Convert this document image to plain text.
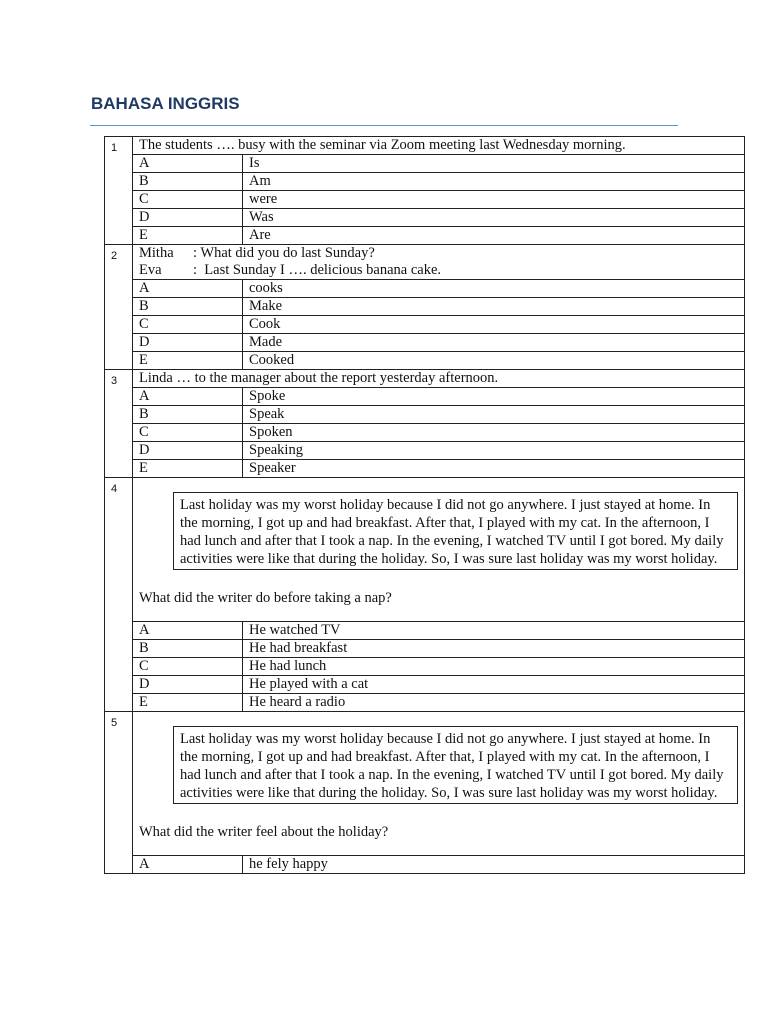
BAHASA INGGRIS
1	The students …. busy with the seminar via Zoom meeting last Wednesday morning.	
	A	Is
	B	Am
	C	were
	D	Was
	E	Are
2	Mitha : What did you do last Sunday?
Eva :  Last Sunday I …. delicious banana cake.	

	A	cooks
	B	Make
	C	Cook
	D	Made
	E	Cooked
3	Linda … to the manager about the report yesterday afternoon.	
	A	Spoke
	B	Speak
	C	Spoken
	D	Speaking
	E	Speaker
4	Last holiday was my worst holiday because I did not go anywhere. I just stayed at home. In the morning, I got up and had breakfast. After that, I played with my cat. In the afternoon, I had lunch and after that I took a nap. In the evening, I watched TV until I got bored. My daily activities were like that during the holiday. So, I was sure last holiday was my worst holiday.
What did the writer do before taking a nap?	

	A	He watched TV
	B	He had breakfast
	C	He had lunch
	D	He played with a cat
	E	He heard a radio
5	Last holiday was my worst holiday because I did not go anywhere. I just stayed at home. In the morning, I got up and had breakfast. After that, I played with my cat. In the afternoon, I had lunch and after that I took a nap. In the evening, I watched TV until I got bored. My daily activities were like that during the holiday. So, I was sure last holiday was my worst holiday.
What did the writer feel about the holiday?	

	A	he fely happy
